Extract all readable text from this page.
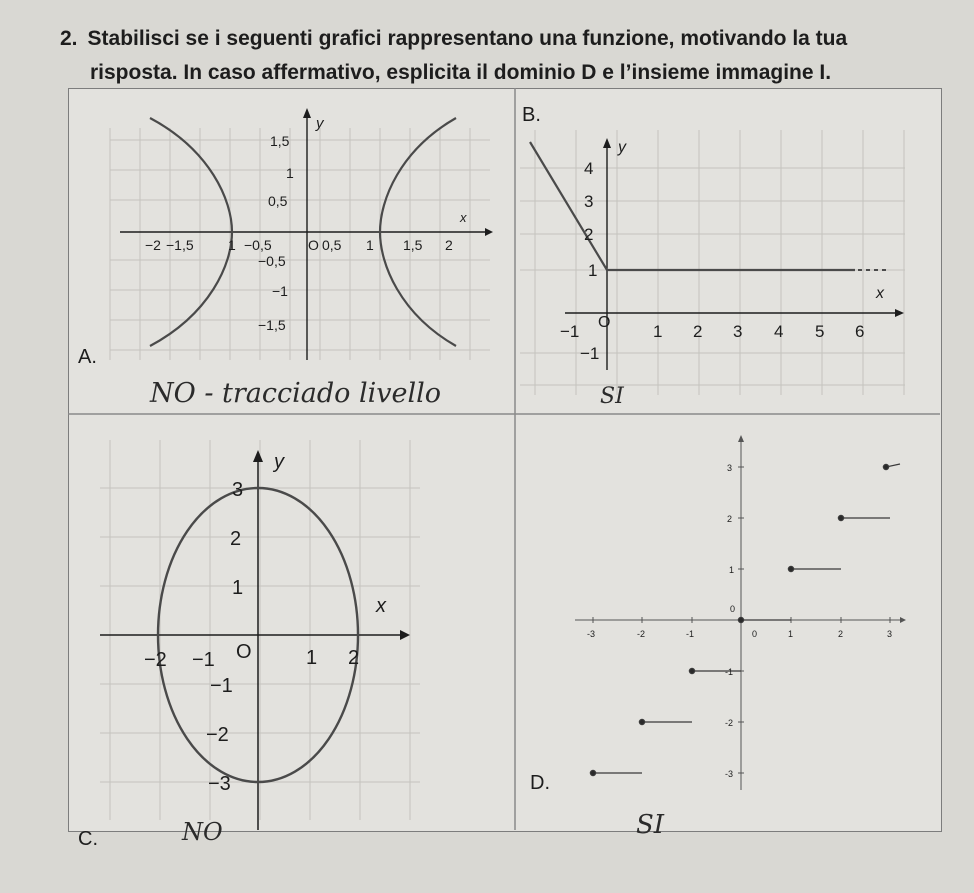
2. Stabilisci se i seguenti grafici rappresentano una funzione, motivando la tua
risposta. In caso affermativo, esplicita il dominio D e l’insieme immagine I.
y
x
−2 −1,5 1 −0,5	O 0,5 1 1,5 2
1,5
1
0,5
−0,5
−1
−1,5
y
x
−1 O	1 2 3 4 5 6
4
3
2
1
−1
y
x
−2 −1 O	1 2
3
2
1
−1
−2
−3
-3	-2	-1	0	1	2	3
3
2
1
0
-1
-2
-3
A.
B.
C.
D.
NO - tracciado livello	SI
NO	SI
